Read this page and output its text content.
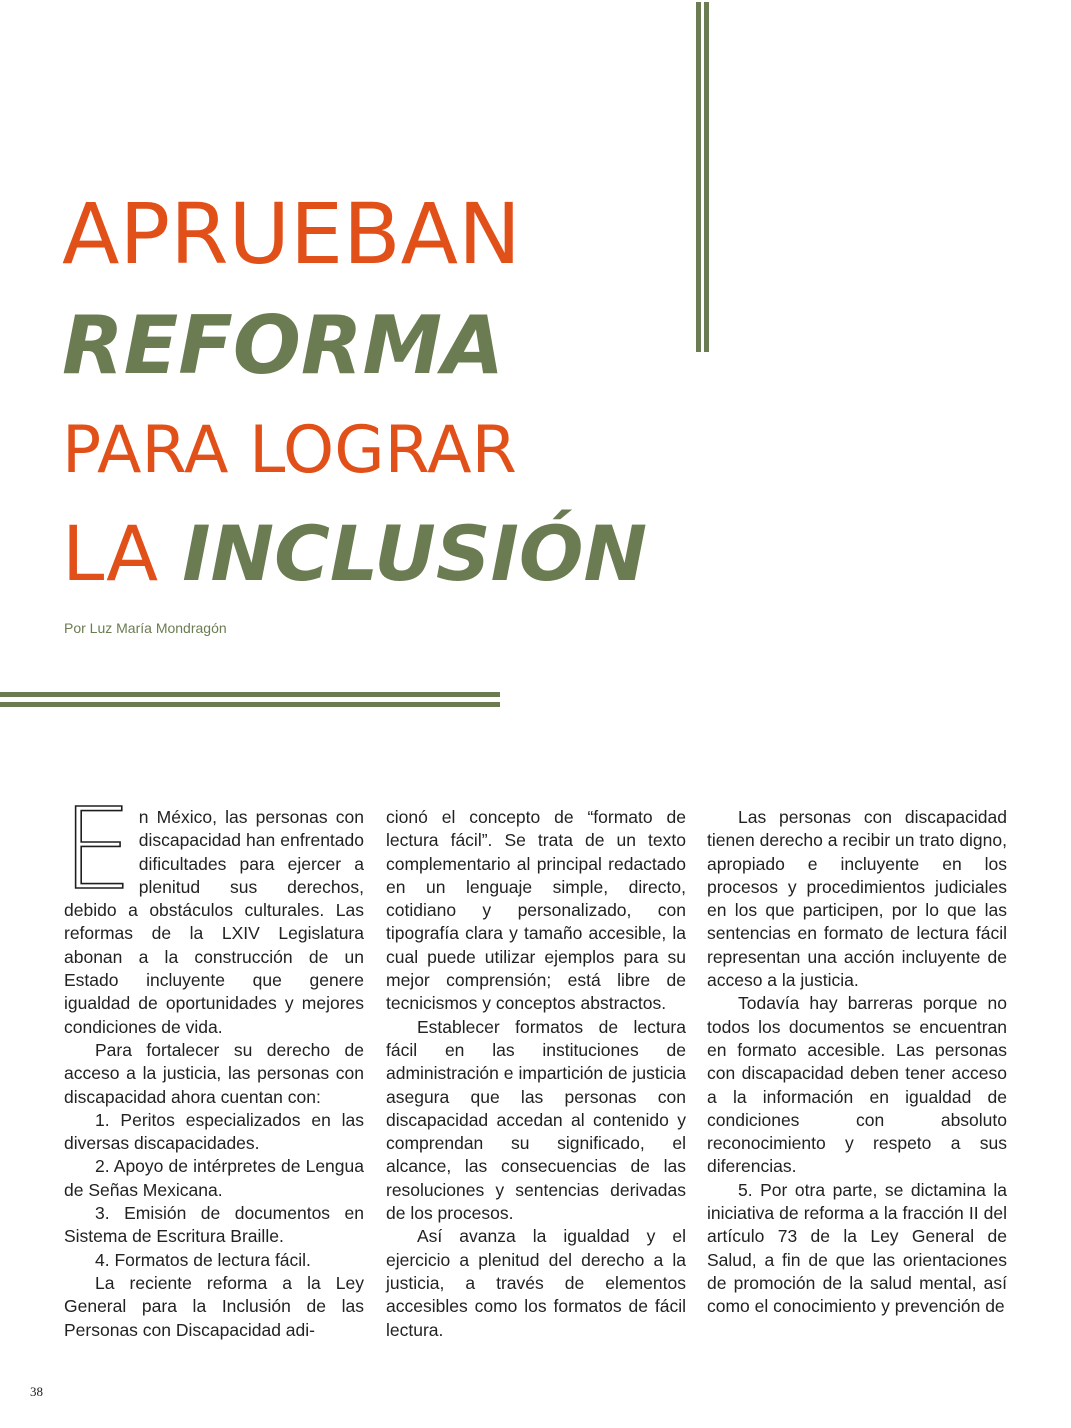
APRUEBAN
REFORMA
PARA LOGRAR
LA INCLUSIÓN
Por Luz María Mondragón

En México, las personas con discapacidad han enfrentado dificultades para ejercer a plenitud sus derechos, debido a obstáculos culturales. Las reformas de la LXIV Legislatura abonan a la construcción de un Estado incluyente que genere igualdad de oportunidades y mejores condiciones de vida.

Para fortalecer su derecho de acceso a la justicia, las personas con discapacidad ahora cuentan con:

1. Peritos especializados en las diversas discapacidades.

2. Apoyo de intérpretes de Lengua de Señas Mexicana.

3. Emisión de documentos en Sistema de Escritura Braille.

4. Formatos de lectura fácil.

La reciente reforma a la Ley General para la Inclusión de las Personas con Discapacidad adi-

cionó el concepto de “formato de lectura fácil”. Se trata de un texto complementario al principal redactado en un lenguaje simple, directo, cotidiano y personalizado, con tipografía clara y tamaño accesible, la cual puede utilizar ejemplos para su mejor comprensión; está libre de tecnicismos y conceptos abstractos.

Establecer formatos de lectura fácil en las instituciones de administración e impartición de justicia asegura que las personas con discapacidad accedan al contenido y comprendan su significado, el alcance, las consecuencias de las resoluciones y sentencias derivadas de los procesos.

Así avanza la igualdad y el ejercicio a plenitud del derecho a la justicia, a través de elementos accesibles como los formatos de fácil lectura.

Las personas con discapacidad tienen derecho a recibir un trato digno, apropiado e incluyente en los procesos y procedimientos judiciales en los que participen, por lo que las sentencias en formato de lectura fácil representan una acción incluyente de acceso a la justicia.

Todavía hay barreras porque no todos los documentos se encuentran en formato accesible. Las personas con discapacidad deben tener acceso a la información en igualdad de condiciones con absoluto reconocimiento y respeto a sus diferencias.

5. Por otra parte, se dictamina la iniciativa de reforma a la fracción II del artículo 73 de la Ley General de Salud, a fin de que las orientaciones de promoción de la salud mental, así como el conocimiento y prevención de

38
